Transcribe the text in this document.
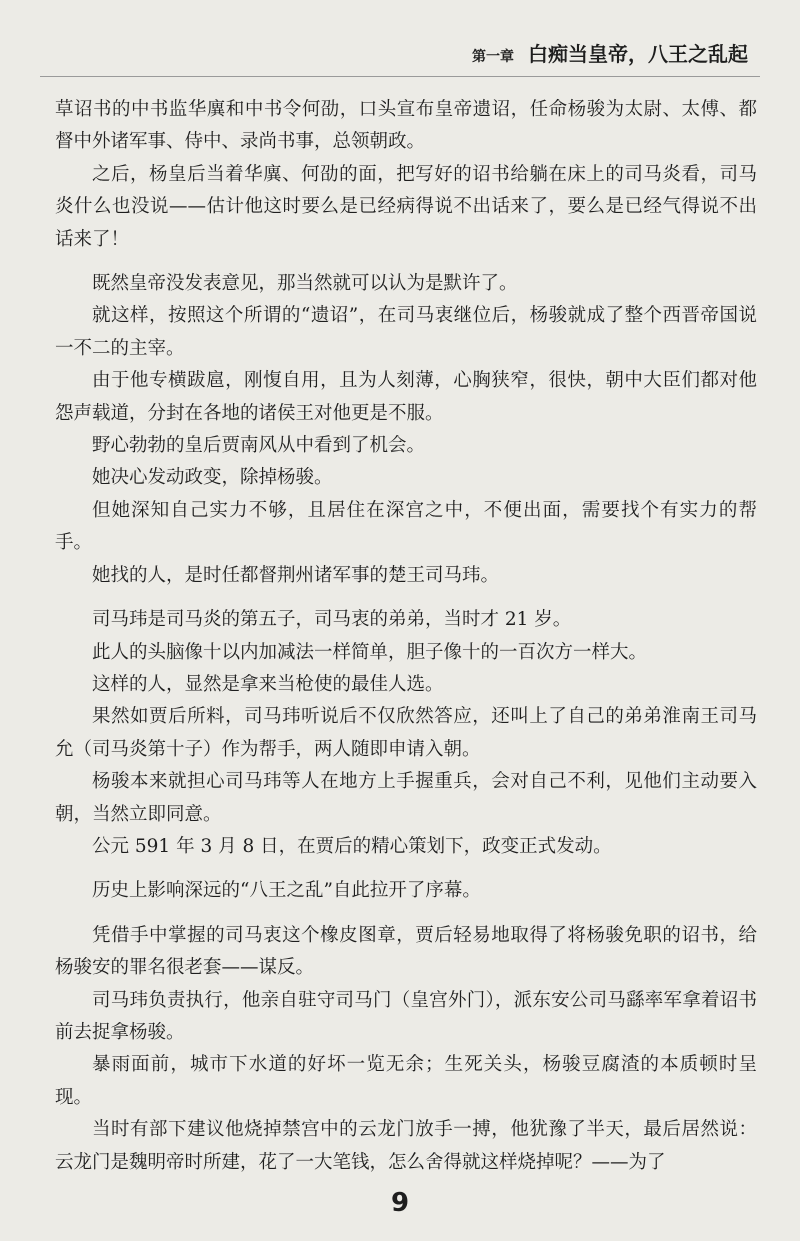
第一章 白痴当皇帝，八王之乱起

草诏书的中书监华廙和中书令何劭，口头宣布皇帝遗诏，任命杨骏为太尉、太傅、都督中外诸军事、侍中、录尚书事，总领朝政。

之后，杨皇后当着华廙、何劭的面，把写好的诏书给躺在床上的司马炎看，司马炎什么也没说——估计他这时要么是已经病得说不出话来了，要么是已经气得说不出话来了！

既然皇帝没发表意见，那当然就可以认为是默许了。

就这样，按照这个所谓的“遗诏”，在司马衷继位后，杨骏就成了整个西晋帝国说一不二的主宰。

由于他专横跋扈，刚愎自用，且为人刻薄，心胸狭窄，很快，朝中大臣们都对他怨声载道，分封在各地的诸侯王对他更是不服。

野心勃勃的皇后贾南风从中看到了机会。

她决心发动政变，除掉杨骏。

但她深知自己实力不够，且居住在深宫之中，不便出面，需要找个有实力的帮手。

她找的人，是时任都督荆州诸军事的楚王司马玮。

司马玮是司马炎的第五子，司马衷的弟弟，当时才 21 岁。

此人的头脑像十以内加减法一样简单，胆子像十的一百次方一样大。

这样的人，显然是拿来当枪使的最佳人选。

果然如贾后所料，司马玮听说后不仅欣然答应，还叫上了自己的弟弟淮南王司马允（司马炎第十子）作为帮手，两人随即申请入朝。

杨骏本来就担心司马玮等人在地方上手握重兵，会对自己不利，见他们主动要入朝，当然立即同意。

公元 591 年 3 月 8 日，在贾后的精心策划下，政变正式发动。

历史上影响深远的“八王之乱”自此拉开了序幕。

凭借手中掌握的司马衷这个橡皮图章，贾后轻易地取得了将杨骏免职的诏书，给杨骏安的罪名很老套——谋反。

司马玮负责执行，他亲自驻守司马门（皇宫外门），派东安公司马繇率军拿着诏书前去捉拿杨骏。

暴雨面前，城市下水道的好坏一览无余；生死关头，杨骏豆腐渣的本质顿时呈现。

当时有部下建议他烧掉禁宫中的云龙门放手一搏，他犹豫了半天，最后居然说：云龙门是魏明帝时所建，花了一大笔钱，怎么舍得就这样烧掉呢？——为了

9
